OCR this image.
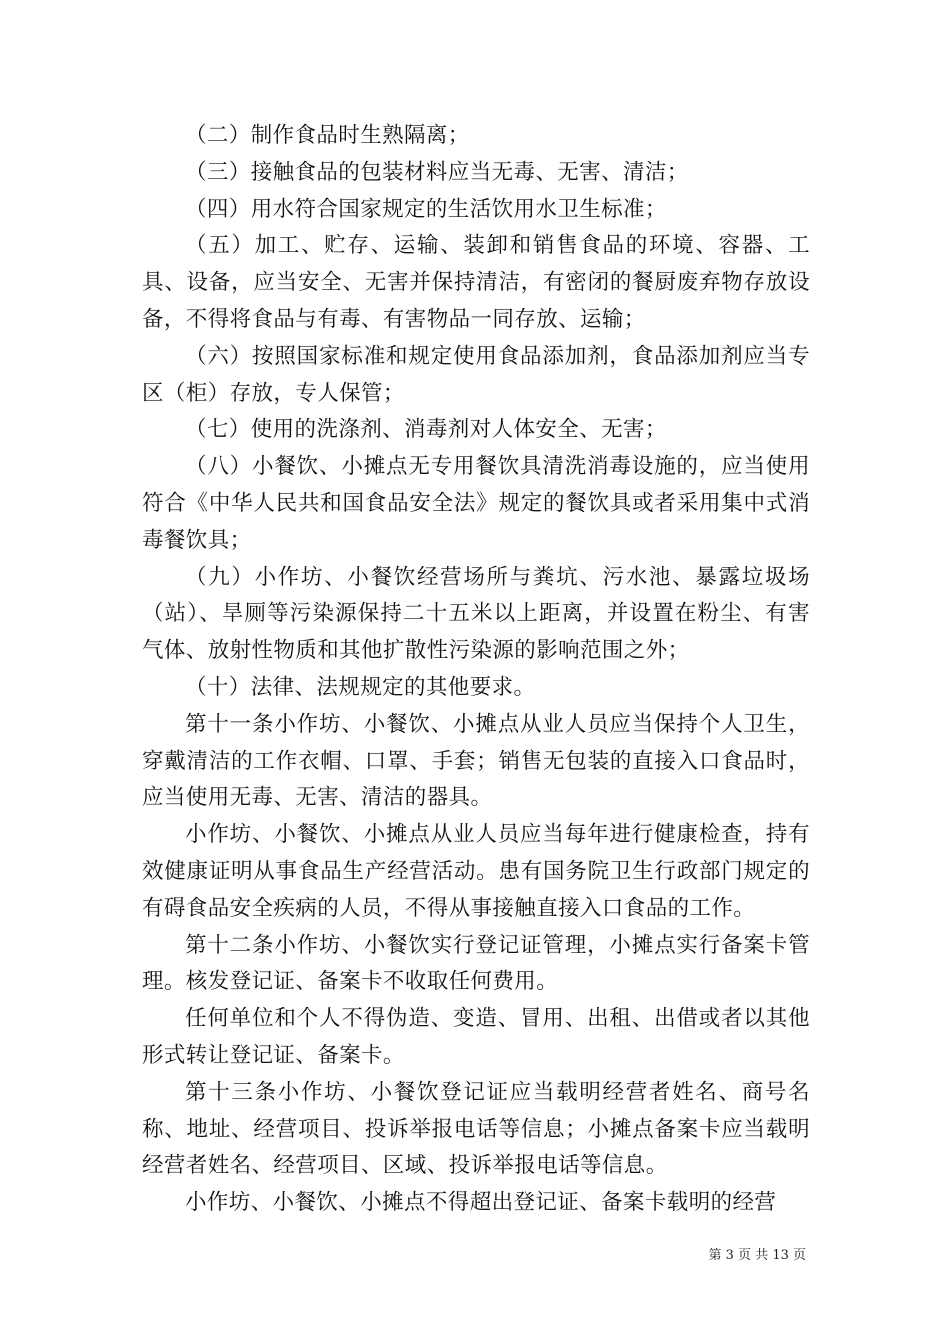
（二）制作食品时生熟隔离；

（三）接触食品的包装材料应当无毒、无害、清洁；

（四）用水符合国家规定的生活饮用水卫生标准；

（五）加工、贮存、运输、装卸和销售食品的环境、容器、工具、设备，应当安全、无害并保持清洁，有密闭的餐厨废弃物存放设备，不得将食品与有毒、有害物品一同存放、运输；

（六）按照国家标准和规定使用食品添加剂，食品添加剂应当专区（柜）存放，专人保管；

（七）使用的洗涤剂、消毒剂对人体安全、无害；

（八）小餐饮、小摊点无专用餐饮具清洗消毒设施的，应当使用符合《中华人民共和国食品安全法》规定的餐饮具或者采用集中式消毒餐饮具；

（九）小作坊、小餐饮经营场所与粪坑、污水池、暴露垃圾场（站）、旱厕等污染源保持二十五米以上距离，并设置在粉尘、有害气体、放射性物质和其他扩散性污染源的影响范围之外；

（十）法律、法规规定的其他要求。

第十一条小作坊、小餐饮、小摊点从业人员应当保持个人卫生，穿戴清洁的工作衣帽、口罩、手套；销售无包装的直接入口食品时，应当使用无毒、无害、清洁的器具。

小作坊、小餐饮、小摊点从业人员应当每年进行健康检查，持有效健康证明从事食品生产经营活动。患有国务院卫生行政部门规定的有碍食品安全疾病的人员，不得从事接触直接入口食品的工作。

第十二条小作坊、小餐饮实行登记证管理，小摊点实行备案卡管理。核发登记证、备案卡不收取任何费用。

任何单位和个人不得伪造、变造、冒用、出租、出借或者以其他形式转让登记证、备案卡。

第十三条小作坊、小餐饮登记证应当载明经营者姓名、商号名称、地址、经营项目、投诉举报电话等信息；小摊点备案卡应当载明经营者姓名、经营项目、区域、投诉举报电话等信息。

小作坊、小餐饮、小摊点不得超出登记证、备案卡载明的经营

第 3 页 共 13 页
